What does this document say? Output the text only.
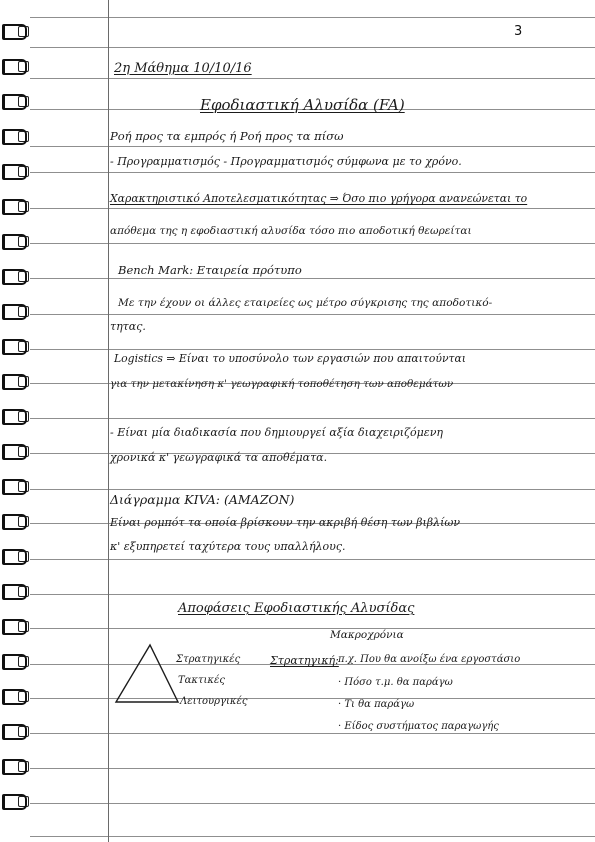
3
2η Μάθημα 10/10/16
Εφοδιαστική Αλυσίδα (FA)
Ροή προς τα εμπρός ή Ροή προς τα πίσω
- Προγραμματισμός - Προγραμματισμός σύμφωνα με το χρόνο.
Χαρακτηριστικό Αποτελεσματικότητας ⇒ Όσο πιο γρήγορα ανανεώνεται το
απόθεμα της η εφοδιαστική αλυσίδα τόσο πιο αποδοτική θεωρείται
Bench Mark: Εταιρεία πρότυπο
Με την έχουν οι άλλες εταιρείες ως μέτρο σύγκρισης της αποδοτικό-
τητας.
Logistics ⇒ Είναι το υποσύνολο των εργασιών που απαιτούνται
για την μετακίνηση κ' γεωγραφική τοποθέτηση των αποθεμάτων
- Είναι μία διαδικασία που δημιουργεί αξία διαχειριζόμενη
χρονικά κ' γεωγραφικά τα αποθέματα.
Διάγραμμα KIVA: (AMAZON)
Είναι ρομπότ τα οποία βρίσκουν την ακριβή θέση των βιβλίων
κ' εξυπηρετεί ταχύτερα τους υπαλλήλους.
Αποφάσεις Εφοδιαστικής Αλυσίδας
Μακροχρόνια
Στρατηγικές
Τακτικές
Λειτουργικές
Στρατηγική: π.χ. Που θα ανοίξω ένα εργοστάσιο
· Πόσο τ.μ. θα παράγω
· Τι θα παράγω
· Είδος συστήματος παραγωγής
